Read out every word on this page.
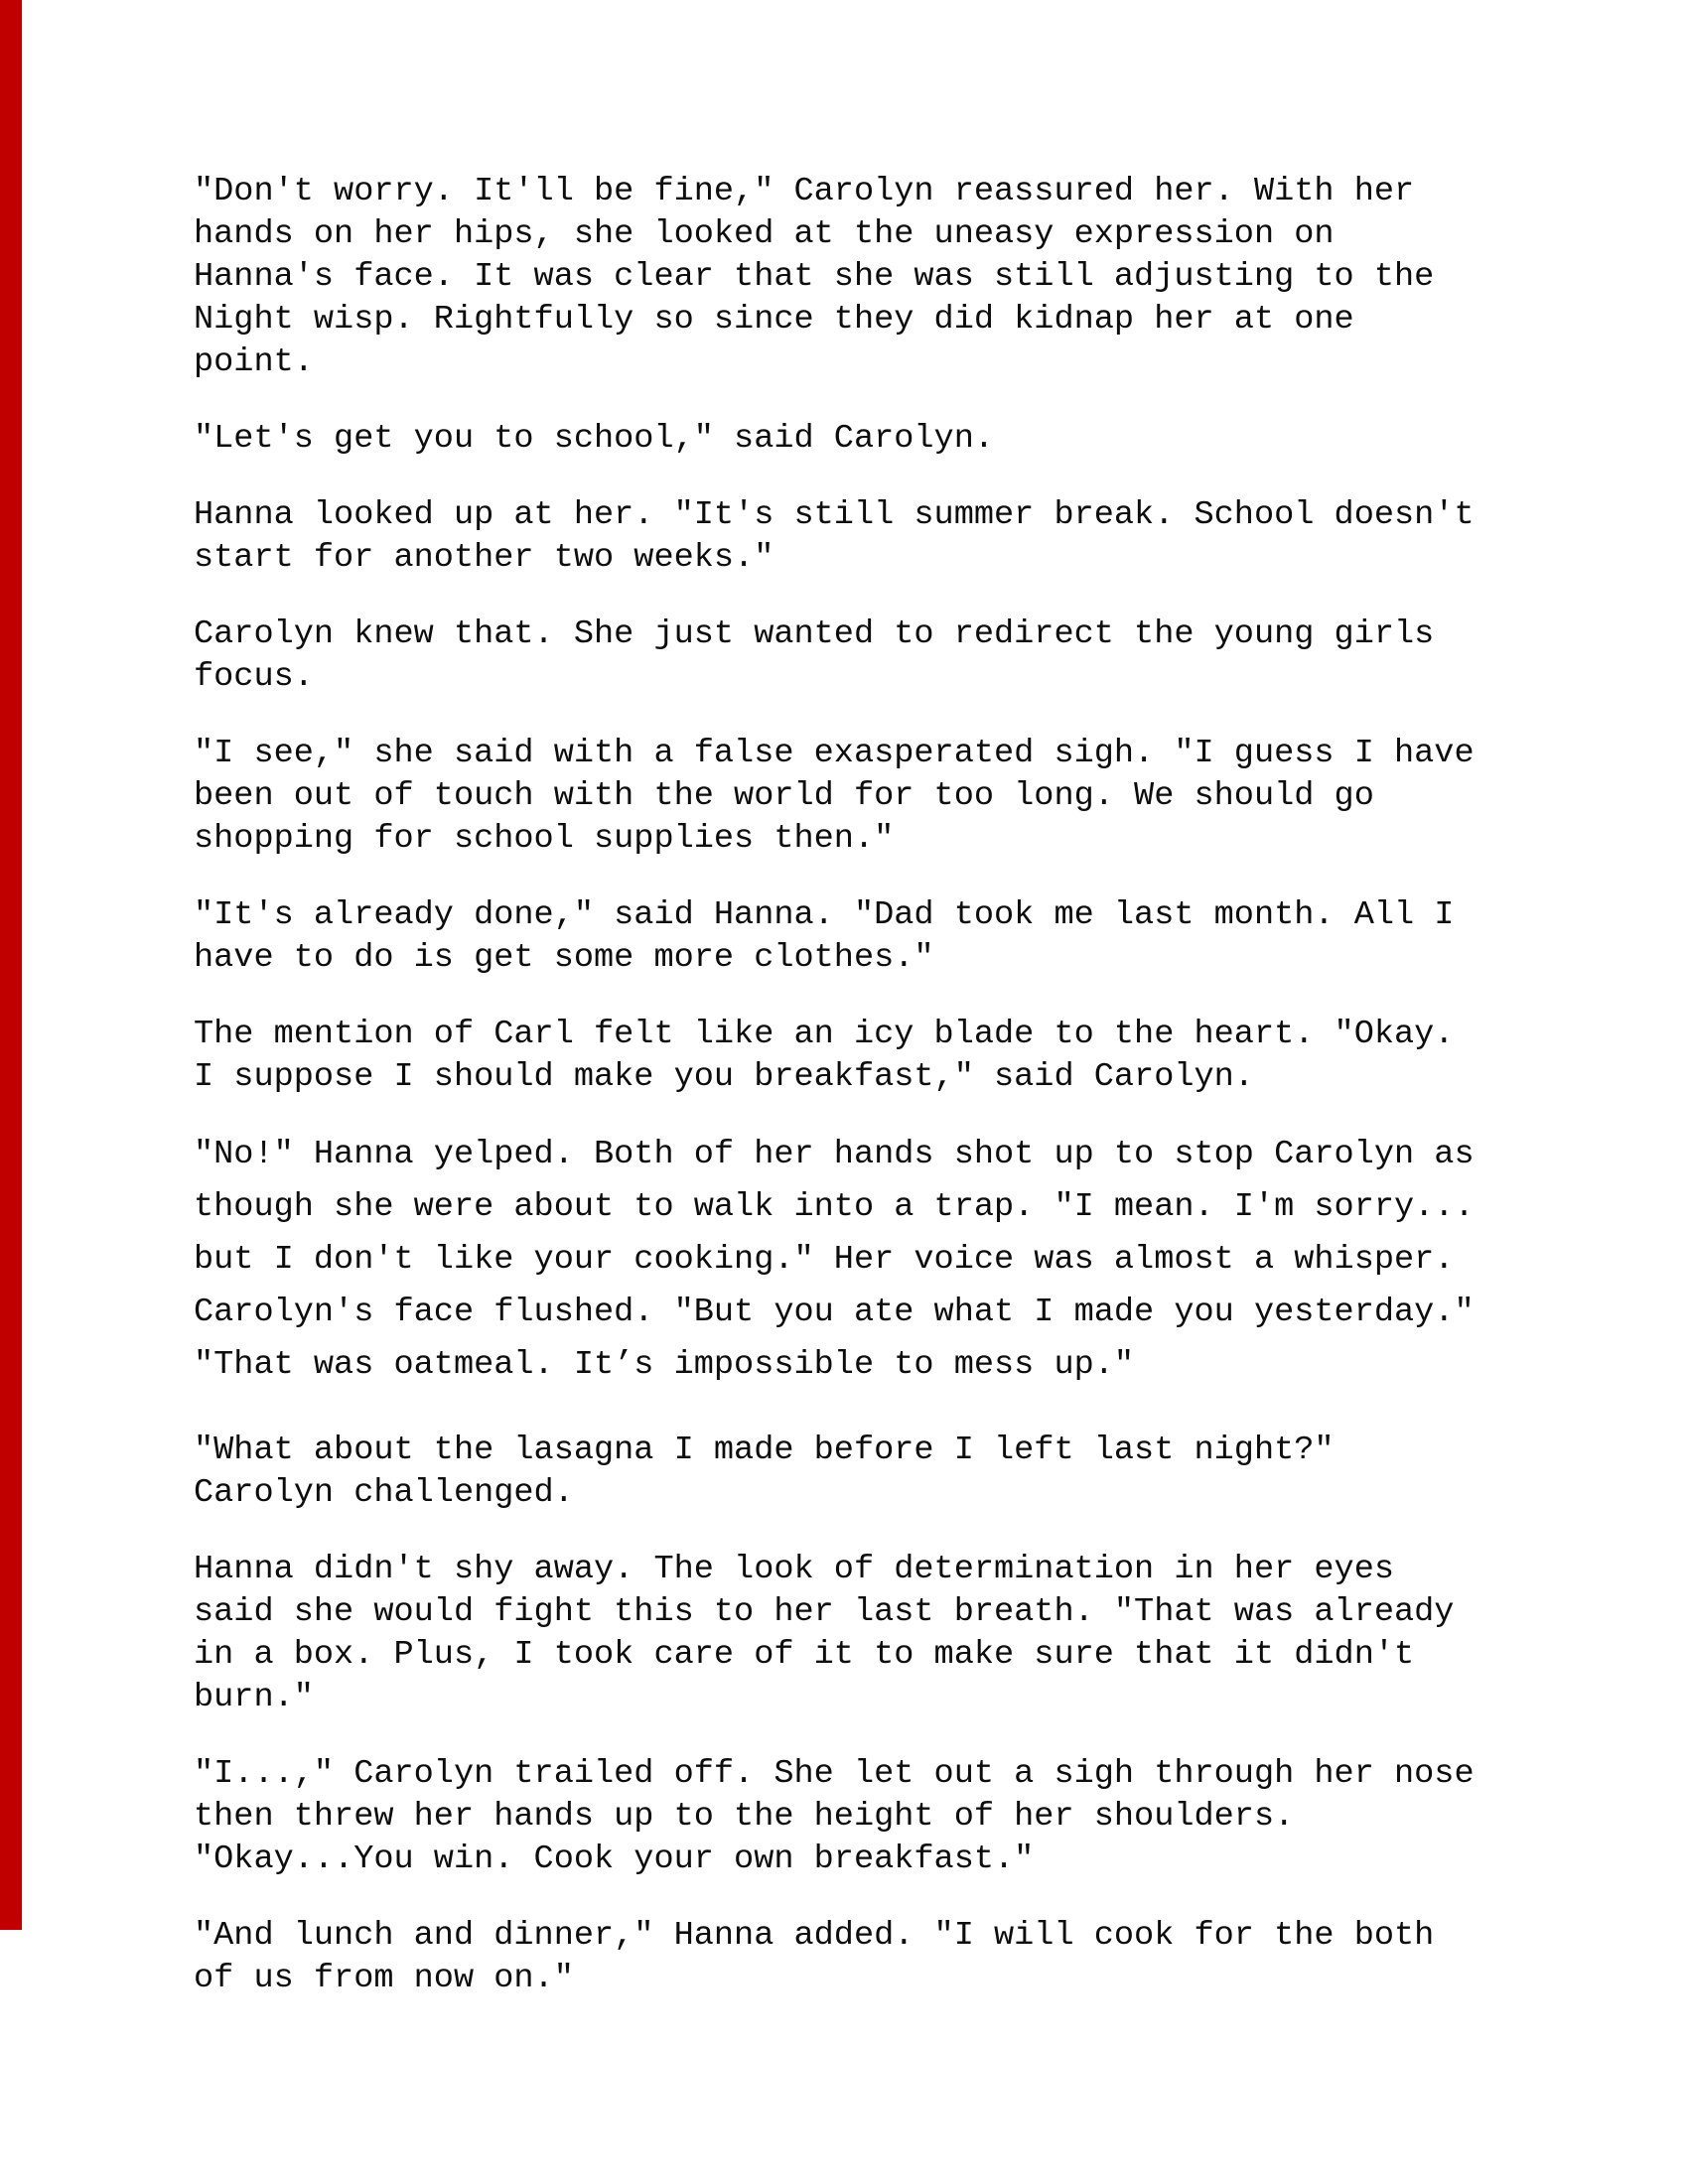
"Don't worry. It'll be fine," Carolyn reassured her. With her
hands on her hips, she looked at the uneasy expression on
Hanna's face. It was clear that she was still adjusting to the
Night wisp. Rightfully so since they did kidnap her at one
point.
"Let's get you to school," said Carolyn.
Hanna looked up at her. "It's still summer break. School doesn't
start for another two weeks."
Carolyn knew that. She just wanted to redirect the young girls
focus.
"I see," she said with a false exasperated sigh. "I guess I have
been out of touch with the world for too long. We should go
shopping for school supplies then."
"It's already done," said Hanna. "Dad took me last month. All I
have to do is get some more clothes."
The mention of Carl felt like an icy blade to the heart. "Okay.
I suppose I should make you breakfast," said Carolyn.
"No!" Hanna yelped. Both of her hands shot up to stop Carolyn as
though she were about to walk into a trap. "I mean. I'm sorry...
but I don't like your cooking." Her voice was almost a whisper.
Carolyn's face flushed. "But you ate what I made you yesterday."
"That was oatmeal. It’s impossible to mess up."
"What about the lasagna I made before I left last night?"
Carolyn challenged.
Hanna didn't shy away. The look of determination in her eyes
said she would fight this to her last breath. "That was already
in a box. Plus, I took care of it to make sure that it didn't
burn."
"I...," Carolyn trailed off. She let out a sigh through her nose
then threw her hands up to the height of her shoulders.
"Okay...You win. Cook your own breakfast."
"And lunch and dinner," Hanna added. "I will cook for the both
of us from now on."
